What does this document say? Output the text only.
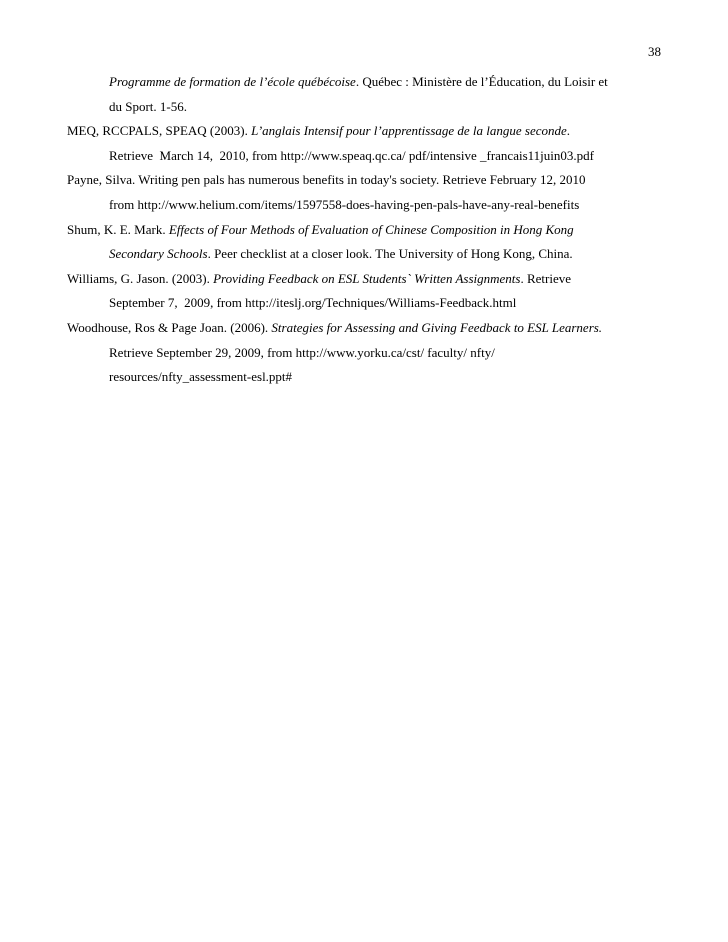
38
Programme de formation de l’école québécoise. Québec : Ministère de l’Éducation, du Loisir et
du Sport. 1-56.
MEQ, RCCPALS, SPEAQ (2003). L’anglais Intensif pour l’apprentissage de la langue seconde.
Retrieve  March 14,  2010, from http://www.speaq.qc.ca/ pdf/intensive _francais11juin03.pdf
Payne, Silva. Writing pen pals has numerous benefits in today's society. Retrieve February 12, 2010
from http://www.helium.com/items/1597558-does-having-pen-pals-have-any-real-benefits
Shum, K. E. Mark. Effects of Four Methods of Evaluation of Chinese Composition in Hong Kong
Secondary Schools. Peer checklist at a closer look. The University of Hong Kong, China.
Williams, G. Jason. (2003). Providing Feedback on ESL Students` Written Assignments. Retrieve
September 7,  2009, from http://iteslj.org/Techniques/Williams-Feedback.html
Woodhouse, Ros & Page Joan. (2006). Strategies for Assessing and Giving Feedback to ESL Learners.
Retrieve September 29, 2009, from http://www.yorku.ca/cst/ faculty/ nfty/
resources/nfty_assessment-esl.ppt#
